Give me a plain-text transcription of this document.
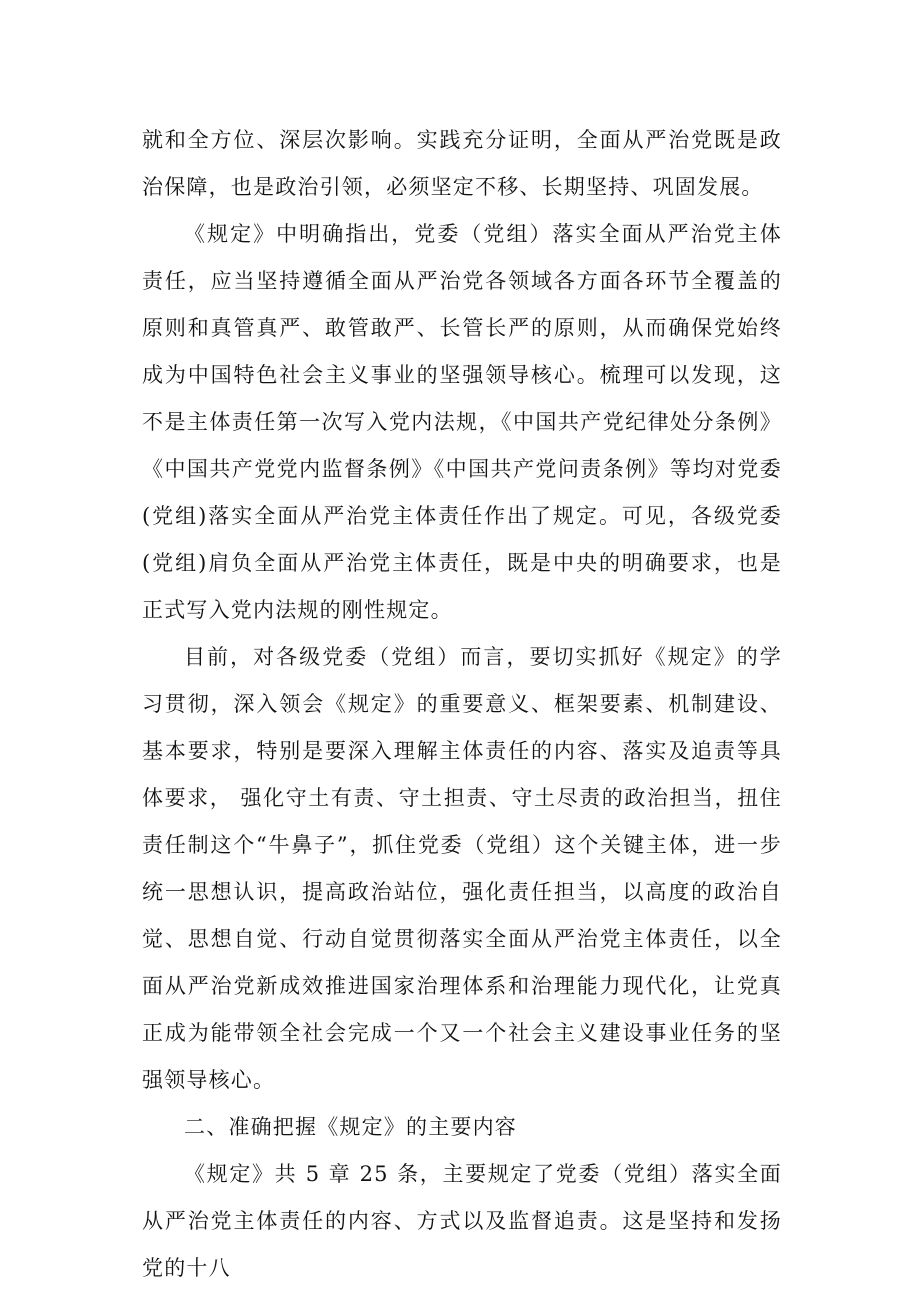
就和全方位、深层次影响。实践充分证明，全面从严治党既是政治保障，也是政治引领，必须坚定不移、长期坚持、巩固发展。

《规定》中明确指出，党委（党组）落实全面从严治党主体责任，应当坚持遵循全面从严治党各领域各方面各环节全覆盖的原则和真管真严、敢管敢严、长管长严的原则，从而确保党始终成为中国特色社会主义事业的坚强领导核心。梳理可以发现，这不是主体责任第一次写入党内法规，《中国共产党纪律处分条例》《中国共产党党内监督条例》《中国共产党问责条例》等均对党委(党组)落实全面从严治党主体责任作出了规定。可见，各级党委(党组)肩负全面从严治党主体责任，既是中央的明确要求，也是正式写入党内法规的刚性规定。

目前，对各级党委（党组）而言，要切实抓好《规定》的学习贯彻，深入领会《规定》的重要意义、框架要素、机制建设、基本要求，特别是要深入理解主体责任的内容、落实及追责等具体要求， 强化守土有责、守土担责、守土尽责的政治担当，扭住责任制这个“牛鼻子”，抓住党委（党组）这个关键主体，进一步统一思想认识，提高政治站位，强化责任担当，以高度的政治自觉、思想自觉、行动自觉贯彻落实全面从严治党主体责任，以全面从严治党新成效推进国家治理体系和治理能力现代化，让党真正成为能带领全社会完成一个又一个社会主义建设事业任务的坚强领导核心。

二、准确把握《规定》的主要内容

《规定》共 5 章 25 条，主要规定了党委（党组）落实全面从严治党主体责任的内容、方式以及监督追责。这是坚持和发扬党的十八
